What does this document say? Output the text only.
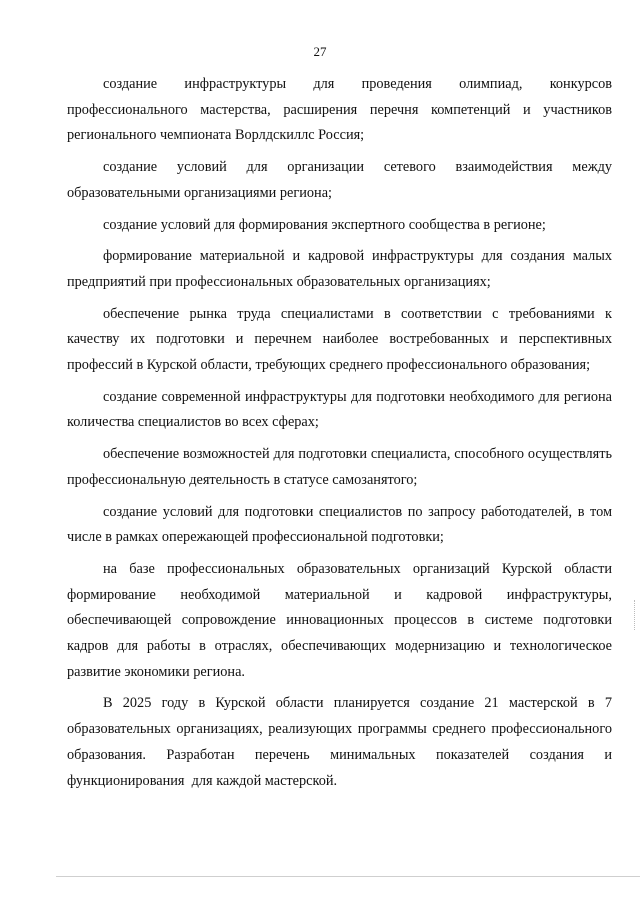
27

создание инфраструктуры для проведения олимпиад, конкурсов профессионального мастерства, расширения перечня компетенций и участников регионального чемпионата Ворлдскиллс Россия;

создание условий для организации сетевого взаимодействия между образовательными организациями региона;

создание условий для формирования экспертного сообщества в регионе;

формирование материальной и кадровой инфраструктуры для создания малых предприятий при профессиональных образовательных организациях;

обеспечение рынка труда специалистами в соответствии с требованиями к качеству их подготовки и перечнем наиболее востребованных и перспективных профессий в Курской области, требующих среднего профессионального образования;

создание современной инфраструктуры для подготовки необходимого для региона количества специалистов во всех сферах;

обеспечение возможностей для подготовки специалиста, способного осуществлять профессиональную деятельность в статусе самозанятого;

создание условий для подготовки специалистов по запросу работодателей, в том числе в рамках опережающей профессиональной подготовки;

на базе профессиональных образовательных организаций Курской области формирование необходимой материальной и кадровой инфраструктуры, обеспечивающей сопровождение инновационных процессов в системе подготовки кадров для работы в отраслях, обеспечивающих модернизацию и технологическое развитие экономики региона.

В 2025 году в Курской области планируется создание 21 мастерской в 7 образовательных организациях, реализующих программы среднего профессионального образования. Разработан перечень минимальных показателей создания и функционирования  для каждой мастерской.
